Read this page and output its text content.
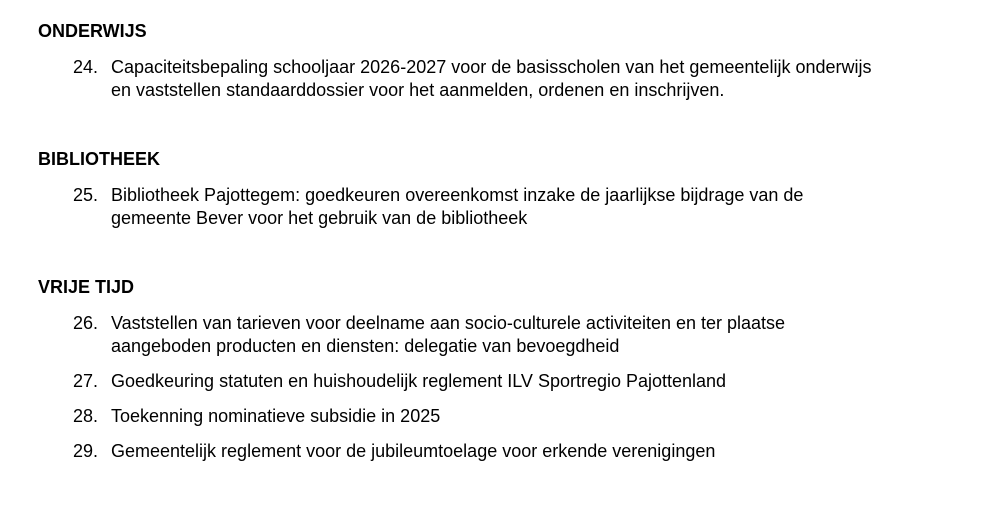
ONDERWIJS
24. Capaciteitsbepaling schooljaar 2026-2027 voor de basisscholen van het gemeentelijk onderwijs
en vaststellen standaarddossier voor het aanmelden, ordenen en inschrijven.
BIBLIOTHEEK
25. Bibliotheek Pajottegem: goedkeuren overeenkomst inzake de jaarlijkse bijdrage van de
gemeente Bever voor het gebruik van de bibliotheek
VRIJE TIJD
26. Vaststellen van tarieven voor deelname aan socio-culturele activiteiten en ter plaatse
aangeboden producten en diensten: delegatie van bevoegdheid
27. Goedkeuring statuten en huishoudelijk reglement ILV Sportregio Pajottenland
28. Toekenning nominatieve subsidie in 2025
29. Gemeentelijk reglement voor de jubileumtoelage voor erkende verenigingen
